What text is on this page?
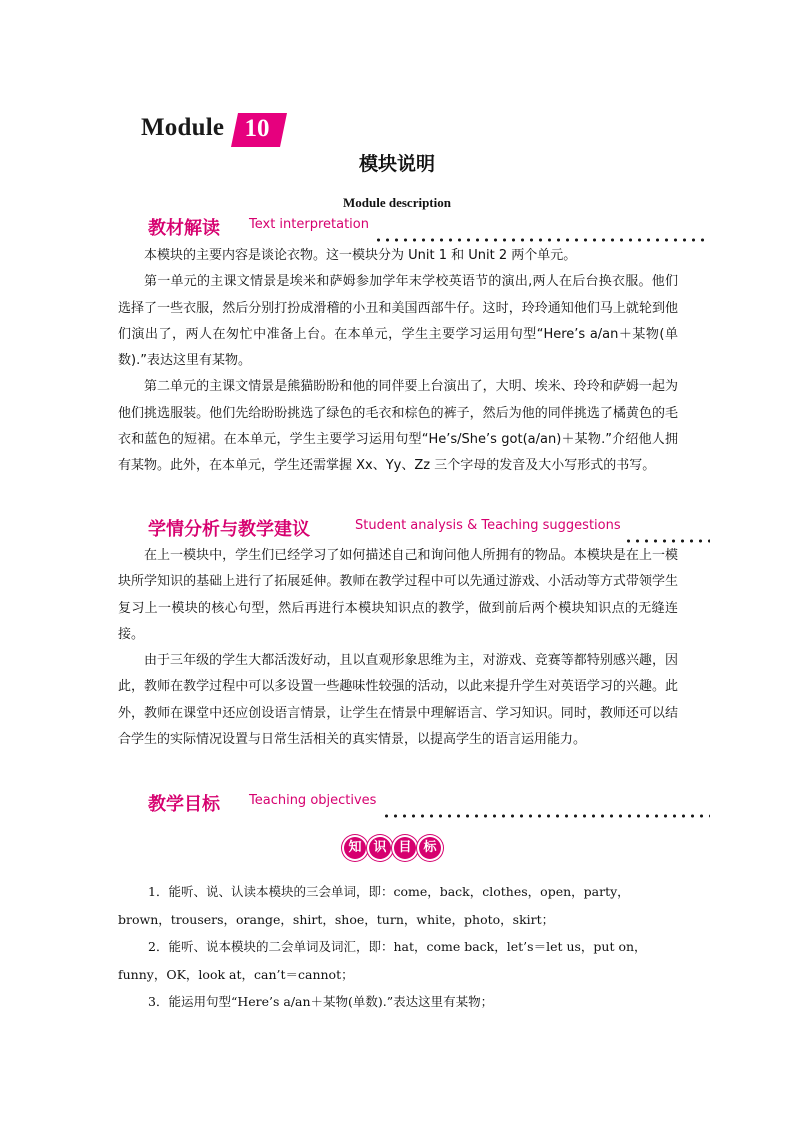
Module 10
模块说明
Module description
教材解读 Text interpretation

本模块的主要内容是谈论衣物。这一模块分为 Unit 1 和 Unit 2 两个单元。

第一单元的主课文情景是埃米和萨姆参加学年末学校英语节的演出,两人在后台换衣服。他们选择了一些衣服，然后分别打扮成滑稽的小丑和美国西部牛仔。这时，玲玲通知他们马上就轮到他们演出了，两人在匆忙中准备上台。在本单元，学生主要学习运用句型“Here’s a/an＋某物(单数).”表达这里有某物。

第二单元的主课文情景是熊猫盼盼和他的同伴要上台演出了，大明、埃米、玲玲和萨姆一起为他们挑选服装。他们先给盼盼挑选了绿色的毛衣和棕色的裤子，然后为他的同伴挑选了橘黄色的毛衣和蓝色的短裙。在本单元，学生主要学习运用句型“He’s/She’s got(a/an)＋某物.”介绍他人拥有某物。此外，在本单元，学生还需掌握 Xx、Yy、Zz 三个字母的发音及大小写形式的书写。

学情分析与教学建议	Student analysis & Teaching suggestions

在上一模块中，学生们已经学习了如何描述自己和询问他人所拥有的物品。本模块是在上一模块所学知识的基础上进行了拓展延伸。教师在教学过程中可以先通过游戏、小活动等方式带领学生复习上一模块的核心句型，然后再进行本模块知识点的教学，做到前后两个模块知识点的无缝连接。

由于三年级的学生大都活泼好动，且以直观形象思维为主，对游戏、竞赛等都特别感兴趣，因此，教师在教学过程中可以多设置一些趣味性较强的活动，以此来提升学生对英语学习的兴趣。此外，教师在课堂中还应创设语言情景，让学生在情景中理解语言、学习知识。同时，教师还可以结合学生的实际情况设置与日常生活相关的真实情景，以提高学生的语言运用能力。

教学目标 Teaching objectives
知 识 目 标

1．能听、说、认读本模块的三会单词，即：come，back，clothes，open，party，brown，trousers，orange，shirt，shoe，turn，white，photo，skirt；

2．能听、说本模块的二会单词及词汇，即：hat，come back，let’s＝let us，put on，funny，OK，look at，can’t＝cannot；

3．能运用句型“Here’s a/an＋某物(单数).”表达这里有某物；
